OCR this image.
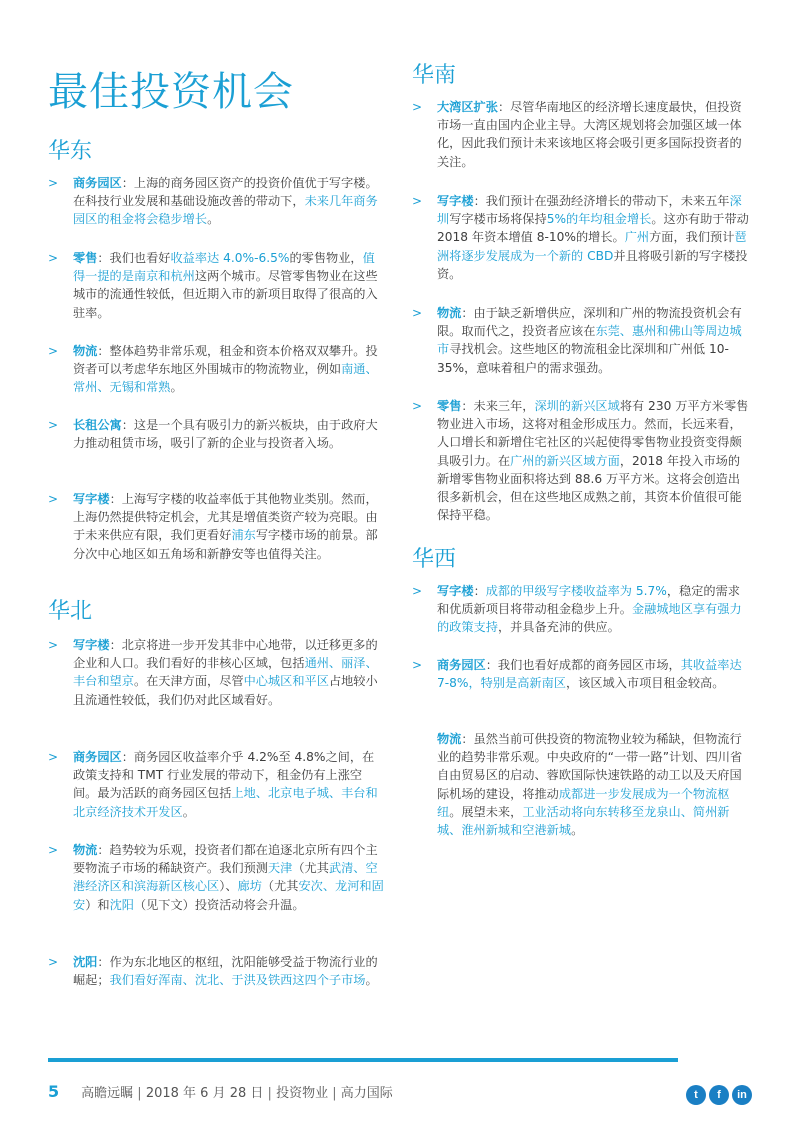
最佳投资机会
华东
>	商务园区：上海的商务园区资产的投资价值优于写字楼。在科技行业发展和基础设施改善的带动下，未来几年商务园区的租金将会稳步增长。
>	零售：我们也看好收益率达 4.0%-6.5%的零售物业，值得一提的是南京和杭州这两个城市。尽管零售物业在这些城市的流通性较低，但近期入市的新项目取得了很高的入驻率。
>	物流：整体趋势非常乐观，租金和资本价格双双攀升。投资者可以考虑华东地区外围城市的物流物业，例如南通、常州、无锡和常熟。
>	长租公寓：这是一个具有吸引力的新兴板块，由于政府大力推动租赁市场，吸引了新的企业与投资者入场。
>	写字楼：上海写字楼的收益率低于其他物业类别。然而，上海仍然提供特定机会，尤其是增值类资产较为亮眼。由于未来供应有限，我们更看好浦东写字楼市场的前景。部分次中心地区如五角场和新静安等也值得关注。
华北
>	写字楼：北京将进一步开发其非中心地带，以迁移更多的企业和人口。我们看好的非核心区域，包括通州、丽泽、丰台和望京。在天津方面，尽管中心城区和平区占地较小且流通性较低，我们仍对此区域看好。
>	商务园区：商务园区收益率介乎 4.2%至 4.8%之间，在政策支持和 TMT 行业发展的带动下，租金仍有上涨空间。最为活跃的商务园区包括上地、北京电子城、丰台和北京经济技术开发区。
>	物流：趋势较为乐观，投资者们都在追逐北京所有四个主要物流子市场的稀缺资产。我们预测天津（尤其武清、空港经济区和滨海新区核心区）、廊坊（尤其安次、龙河和固安）和沈阳（见下文）投资活动将会升温。
>	沈阳：作为东北地区的枢纽，沈阳能够受益于物流行业的崛起；我们看好浑南、沈北、于洪及铁西这四个子市场。
华南
>	大湾区扩张：尽管华南地区的经济增长速度最快，但投资市场一直由国内企业主导。大湾区规划将会加强区域一体化，因此我们预计未来该地区将会吸引更多国际投资者的关注。
>	写字楼：我们预计在强劲经济增长的带动下，未来五年深圳写字楼市场将保持5%的年均租金增长。这亦有助于带动 2018 年资本增值 8-10%的增长。广州方面，我们预计琶洲将逐步发展成为一个新的 CBD并且将吸引新的写字楼投资。
>	物流：由于缺乏新增供应，深圳和广州的物流投资机会有限。取而代之，投资者应该在东莞、惠州和佛山等周边城市寻找机会。这些地区的物流租金比深圳和广州低 10-35%，意味着租户的需求强劲。
>	零售：未来三年，深圳的新兴区域将有 230 万平方米零售物业进入市场，这将对租金形成压力。然而，长远来看，人口增长和新增住宅社区的兴起使得零售物业投资变得颇具吸引力。在广州的新兴区域方面，2018 年投入市场的新增零售物业面积将达到 88.6 万平方米。这将会创造出很多新机会，但在这些地区成熟之前，其资本价值很可能保持平稳。
华西
>	写字楼：成都的甲级写字楼收益率为 5.7%，稳定的需求和优质新项目将带动租金稳步上升。金融城地区享有强力的政策支持，并具备充沛的供应。
>	商务园区：我们也看好成都的商务园区市场，其收益率达 7-8%，特别是高新南区，该区域入市项目租金较高。
物流：虽然当前可供投资的物流物业较为稀缺，但物流行业的趋势非常乐观。中央政府的“一带一路”计划、四川省自由贸易区的启动、蓉欧国际快速铁路的动工以及天府国际机场的建设，将推动成都进一步发展成为一个物流枢纽。展望未来，工业活动将向东转移至龙泉山、简州新城、淮州新城和空港新城。
5 高瞻远瞩 | 2018 年 6 月 28 日 | 投资物业 | 高力国际	t	f	in
